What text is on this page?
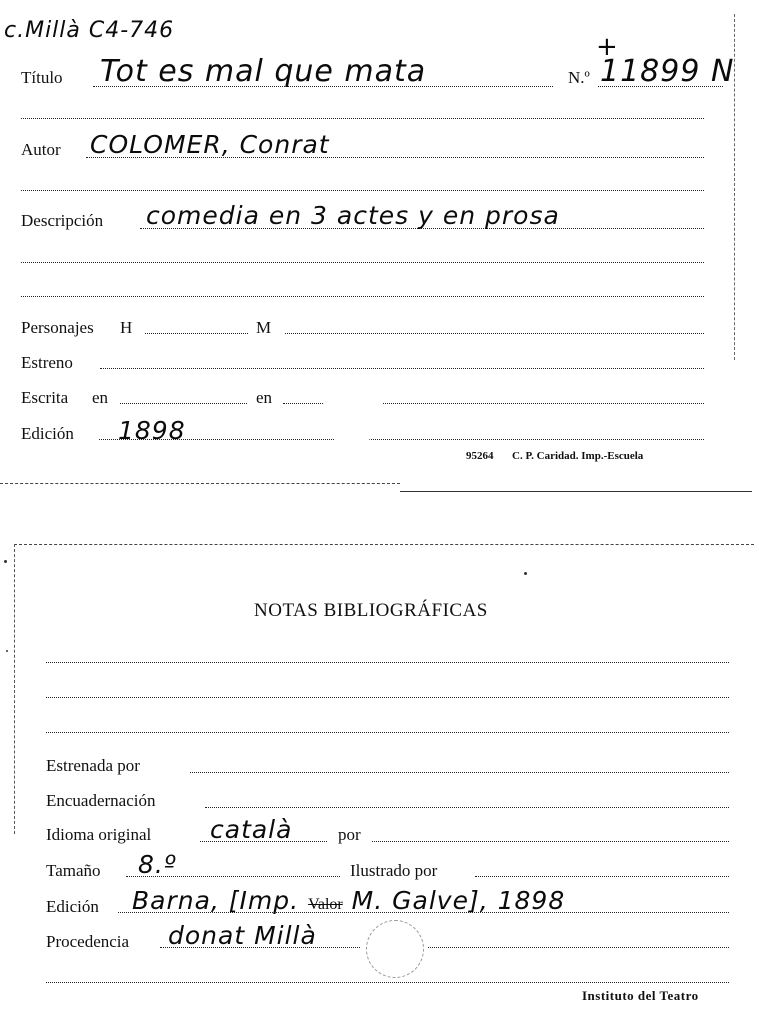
c.Millà C4-746
Título Tot es mal que mata	N.º 11899 N
+
Autor COLOMER, Conrat
Descripción comedia en 3 actes y en prosa
Personajes H	M
Estreno
Escrita en	en
Edición 1898
95264 C. P. Caridad. Imp.-Escuela
NOTAS BIBLIOGRÁFICAS
Estrenada por
Encuadernación
Idioma original català	por
Tamaño 8.º	Ilustrado por
Edición Barna, [Imp. Valor M. Galve], 1898
Procedencia donat Millà
Instituto del Teatro
